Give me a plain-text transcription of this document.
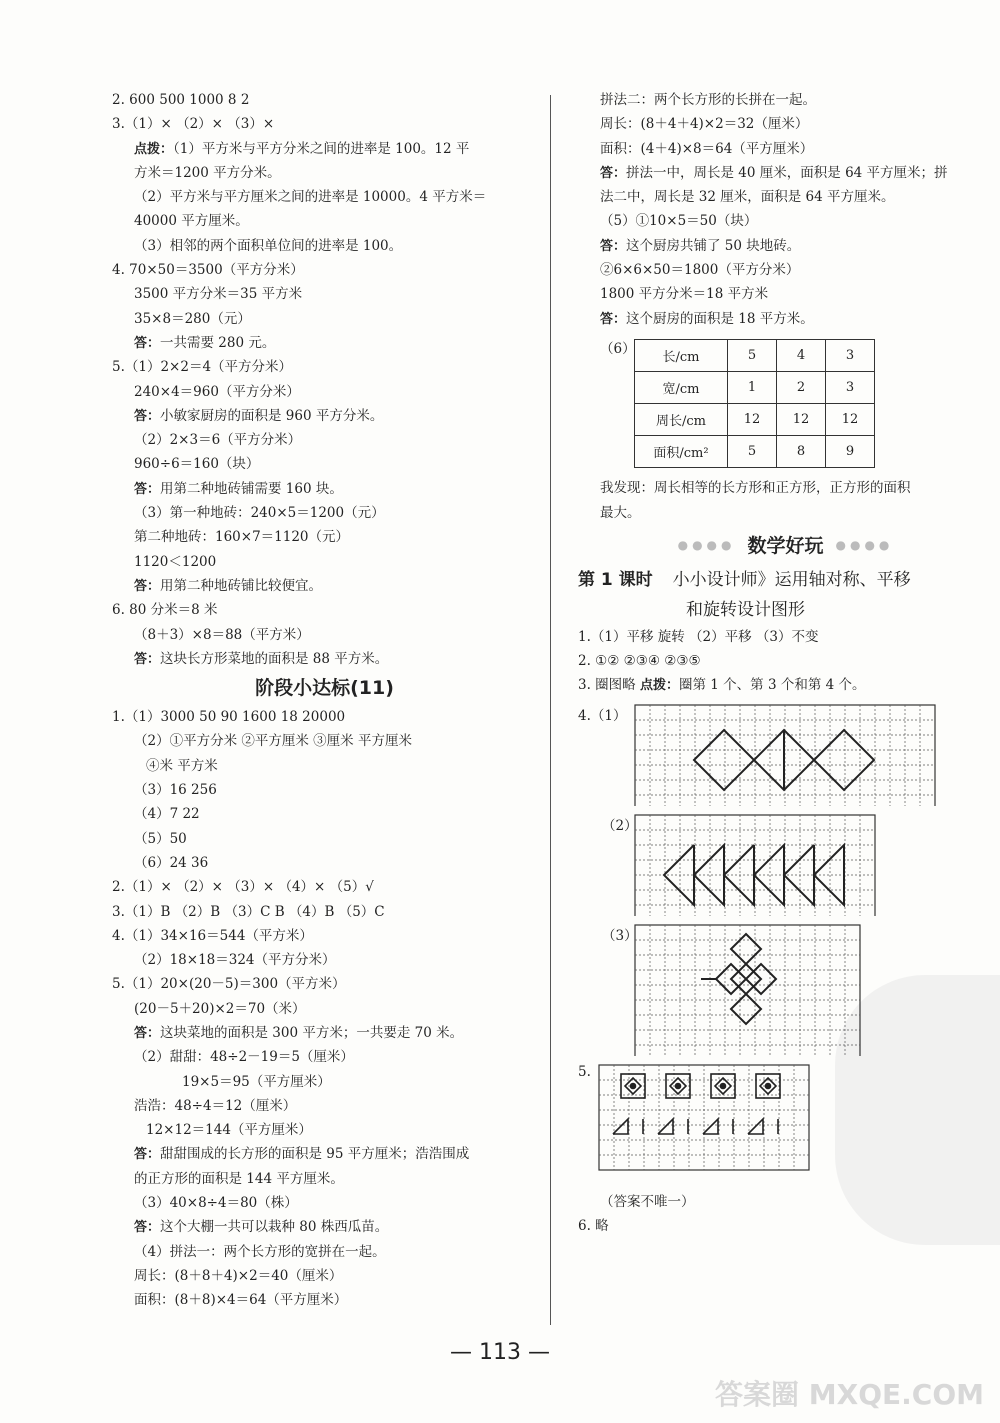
2. 600 500 1000 8 2
3.（1）× （2）× （3）×
点拨：（1）平方米与平方分米之间的进率是 100。12 平
方米＝1200 平方分米。
（2）平方米与平方厘米之间的进率是 10000。4 平方米＝
40000 平方厘米。
（3）相邻的两个面积单位间的进率是 100。
4. 70×50＝3500（平方分米）
3500 平方分米＝35 平方米
35×8＝280（元）
答：一共需要 280 元。
5.（1）2×2＝4（平方分米）
240×4＝960（平方分米）
答：小敏家厨房的面积是 960 平方分米。
（2）2×3＝6（平方分米）
960÷6＝160（块）
答：用第二种地砖铺需要 160 块。
（3）第一种地砖：240×5＝1200（元）
第二种地砖：160×7＝1120（元）
1120＜1200
答：用第二种地砖铺比较便宜。
6. 80 分米＝8 米
（8＋3）×8＝88（平方米）
答：这块长方形菜地的面积是 88 平方米。
阶段小达标(11)
1.（1）3000 50 90 1600 18 20000
（2）①平方分米 ②平方厘米 ③厘米 平方厘米
④米 平方米
（3）16 256
（4）7 22
（5）50
（6）24 36
2.（1）× （2）× （3）× （4）× （5）√
3.（1）B （2）B （3）C B （4）B （5）C
4.（1）34×16＝544（平方米）
（2）18×18＝324（平方分米）
5.（1）20×(20－5)＝300（平方米）
(20－5＋20)×2＝70（米）
答：这块菜地的面积是 300 平方米；一共要走 70 米。
（2）甜甜：48÷2－19＝5（厘米）
19×5＝95（平方厘米）
浩浩：48÷4＝12（厘米）
12×12＝144（平方厘米）
答：甜甜围成的长方形的面积是 95 平方厘米；浩浩围成
的正方形的面积是 144 平方厘米。
（3）40×8÷4＝80（株）
答：这个大棚一共可以栽种 80 株西瓜苗。
（4）拼法一：两个长方形的宽拼在一起。
周长：(8＋8＋4)×2＝40（厘米）
面积：(8＋8)×4＝64（平方厘米）
拼法二：两个长方形的长拼在一起。
周长：(8＋4＋4)×2＝32（厘米）
面积：(4＋4)×8＝64（平方厘米）
答：拼法一中，周长是 40 厘米，面积是 64 平方厘米；拼
法二中，周长是 32 厘米，面积是 64 平方厘米。
（5）①10×5＝50（块）
答：这个厨房共铺了 50 块地砖。
②6×6×50＝1800（平方分米）
1800 平方分米＝18 平方米
答：这个厨房的面积是 18 平方米。
（6）
长/cm	5	4	3
宽/cm	1	2	3
周长/cm	12	12	12
面积/cm²	5	8	9
我发现：周长相等的长方形和正方形，正方形的面积
最大。
●●●● 数学好玩 ●●●●
第 1 课时 小小设计师》运用轴对称、平移
和旋转设计图形
1.（1）平移 旋转 （2）平移 （3）不变
2. ①② ②③④ ②③⑤
3. 圈图略 点拨：圈第 1 个、第 3 个和第 4 个。
4.（1）
（2）
（3）
5.
（答案不唯一）
6. 略
— 113 —
答案圈 MXQE.COM
